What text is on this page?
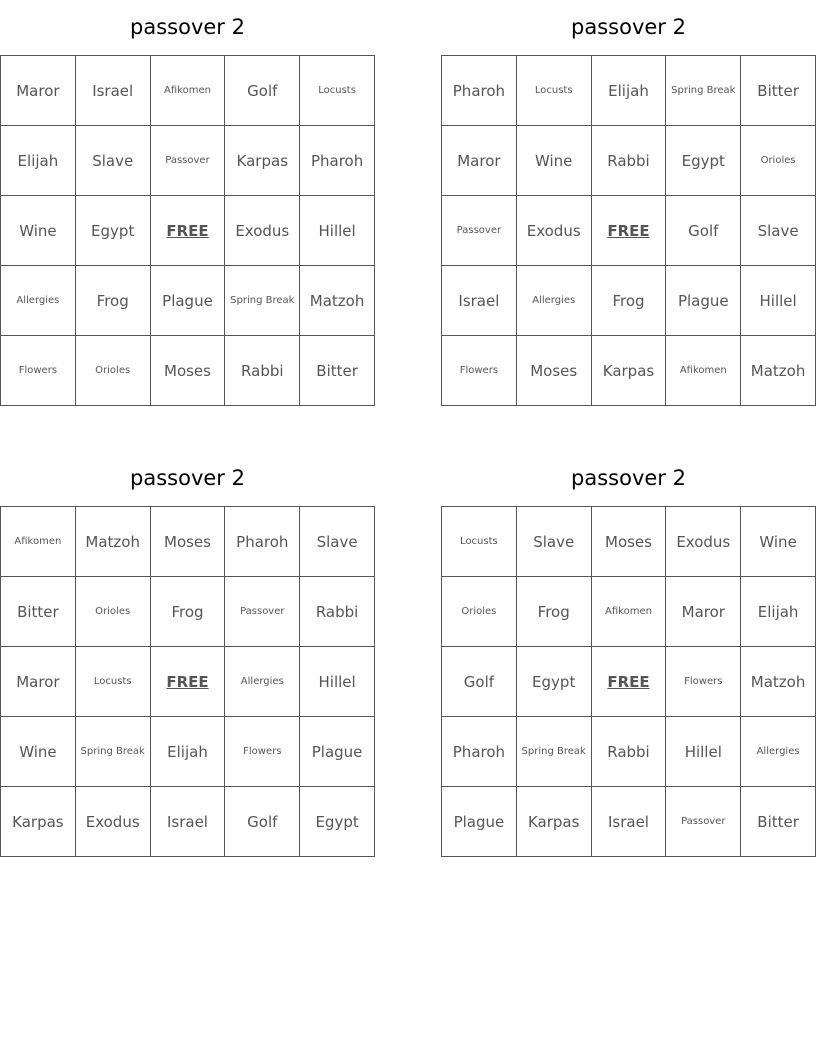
passover 2
Maror	Israel	Afikomen	Golf	Locusts
Elijah	Slave	Passover	Karpas	Pharoh
Wine	Egypt	FREE	Exodus	Hillel
Allergies	Frog	Plague	Spring Break	Matzoh
Flowers	Orioles	Moses	Rabbi	Bitter
passover 2
Pharoh	Locusts	Elijah	Spring Break	Bitter
Maror	Wine	Rabbi	Egypt	Orioles
Passover	Exodus	FREE	Golf	Slave
Israel	Allergies	Frog	Plague	Hillel
Flowers	Moses	Karpas	Afikomen	Matzoh
passover 2
Afikomen	Matzoh	Moses	Pharoh	Slave
Bitter	Orioles	Frog	Passover	Rabbi
Maror	Locusts	FREE	Allergies	Hillel
Wine	Spring Break	Elijah	Flowers	Plague
Karpas	Exodus	Israel	Golf	Egypt
passover 2
Locusts	Slave	Moses	Exodus	Wine
Orioles	Frog	Afikomen	Maror	Elijah
Golf	Egypt	FREE	Flowers	Matzoh
Pharoh	Spring Break	Rabbi	Hillel	Allergies
Plague	Karpas	Israel	Passover	Bitter
